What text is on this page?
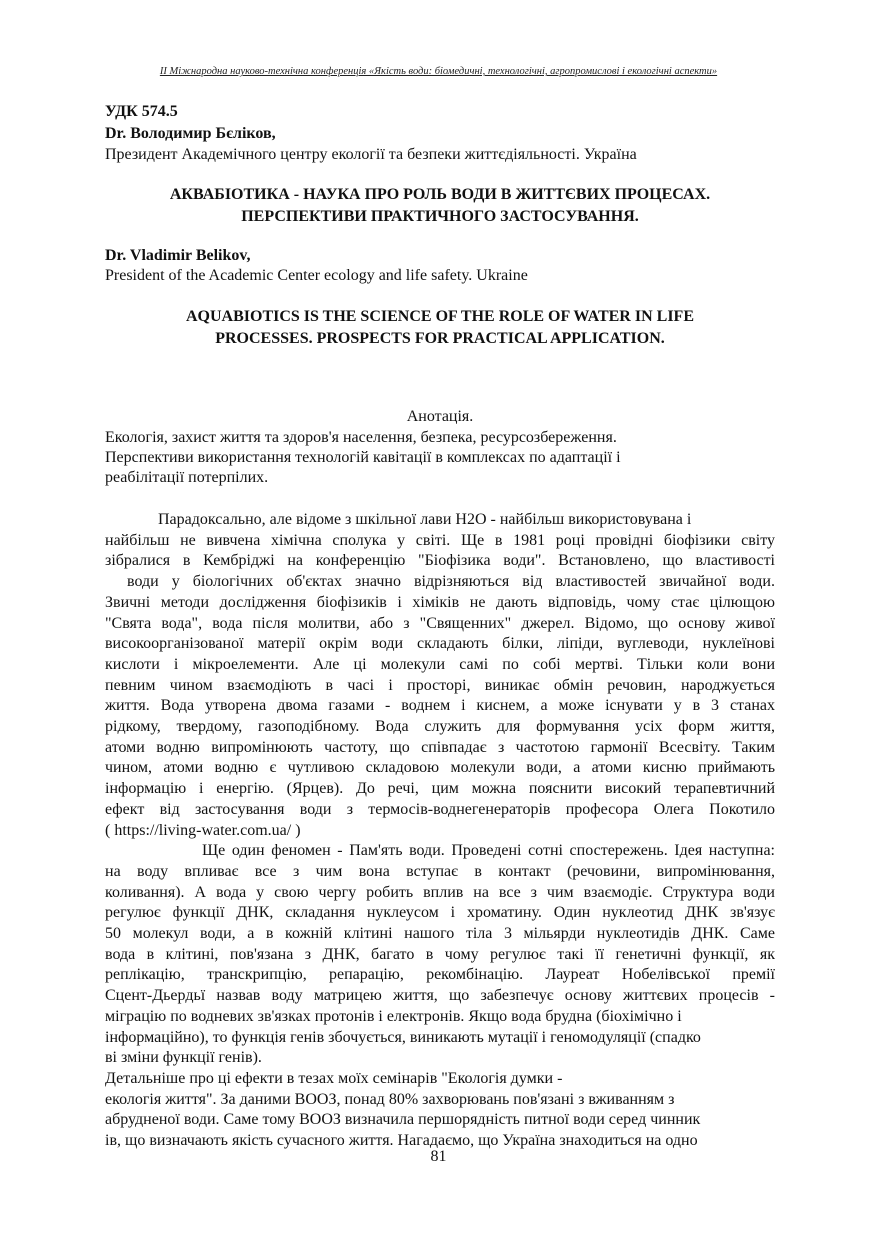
II Міжнародна науково-технічна конференція «Якість води: біомедичні, технологічні, агропромислові і екологічні аспекти»
УДК 574.5
Dr. Володимир Бєліков,
Президент Академічного центру екології та безпеки життєдіяльності. Україна
АКВАБІОТИКА - НАУКА ПРО РОЛЬ ВОДИ В ЖИТТЄВИХ ПРОЦЕСАХ.
ПЕРСПЕКТИВИ ПРАКТИЧНОГО ЗАСТОСУВАННЯ.
Dr. Vladimir Belikov,
President of the Academic Center ecology and life safety. Ukraine
AQUABIOTICS IS THE SCIENCE OF THE ROLE OF WATER IN LIFE
PROCESSES. PROSPECTS FOR PRACTICAL APPLICATION.
Анотація.
Екологія, захист життя та здоров'я населення, безпека, ресурсозбереження.
Перспективи використання технологій кавітації в комплексах по адаптації і
реабілітації потерпілих.
Парадоксально, але відоме з шкільної лави H2O - найбільш використовувана і
найбільш не вивчена хімічна сполука у світі. Ще в 1981 році провідні біофізики світу
зібралися в Кембріджі на конференцію "Біофізика води". Встановлено, що властивості
води у біологічних об'єктах значно відрізняються від властивостей звичайної води.
Звичні методи дослідження біофізиків і хіміків не дають відповідь, чому стає цілющою
"Свята вода", вода після молитви, або з "Священних" джерел. Відомо, що основу живої
високоорганізованої матерії окрім води складають білки, ліпіди, вуглеводи, нуклеїнові
кислоти і мікроелементи. Але ці молекули самі по собі мертві. Тільки коли вони
певним чином взаємодіють в часі і просторі, виникає обмін речовин, народжується
життя. Вода утворена двома газами - воднем і киснем, а може існувати у в 3 станах
рідкому, твердому, газоподібному. Вода служить для формування усіх форм життя,
атоми водню випромінюють частоту, що співпадає з частотою гармонії Всесвіту. Таким
чином, атоми водню є чутливою складовою молекули води, а атоми кисню приймають
інформацію і енергію. (Ярцев). До речі, цим можна пояснити високий терапевтичний
ефект від застосування води з термосів-воднегенераторів професора Олега Покотило
( https://living-water.com.ua/ )
Ще один феномен - Пам'ять води. Проведені сотні спостережень. Ідея наступна:
на воду впливає все з чим вона вступає в контакт (речовини, випромінювання,
коливання). А вода у свою чергу робить вплив на все з чим взаємодіє. Структура води
регулює функції ДНК, складання нуклеусом і хроматину. Один нуклеотид ДНК зв'язує
50 молекул води, а в кожній клітині нашого тіла 3 мільярди нуклеотидів ДНК. Саме
вода в клітині, пов'язана з ДНК, багато в чому регулює такі її генетичні функції, як
реплікацію, транскрипцію, репарацію, рекомбінацію. Лауреат Нобелівської премії
Сцент-Дьердьї назвав воду матрицею життя, що забезпечує основу життєвих процесів -
міграцію по водневих зв'язках протонів і електронів. Якщо вода брудна (біохімічно і
інформаційно), то функція генів збочується, виникають мутації і геномодуляції (спадко
ві зміни функції генів).
Детальніше про ці ефекти в тезах моїх семінарів "Екологія думки -
екологія життя". За даними ВООЗ, понад 80% захворювань пов'язані з вживанням з
абрудненої води. Саме тому ВООЗ визначила першорядність питної води серед чинник
ів, що визначають якість сучасного життя. Нагадаємо, що Україна знаходиться на одно
81
